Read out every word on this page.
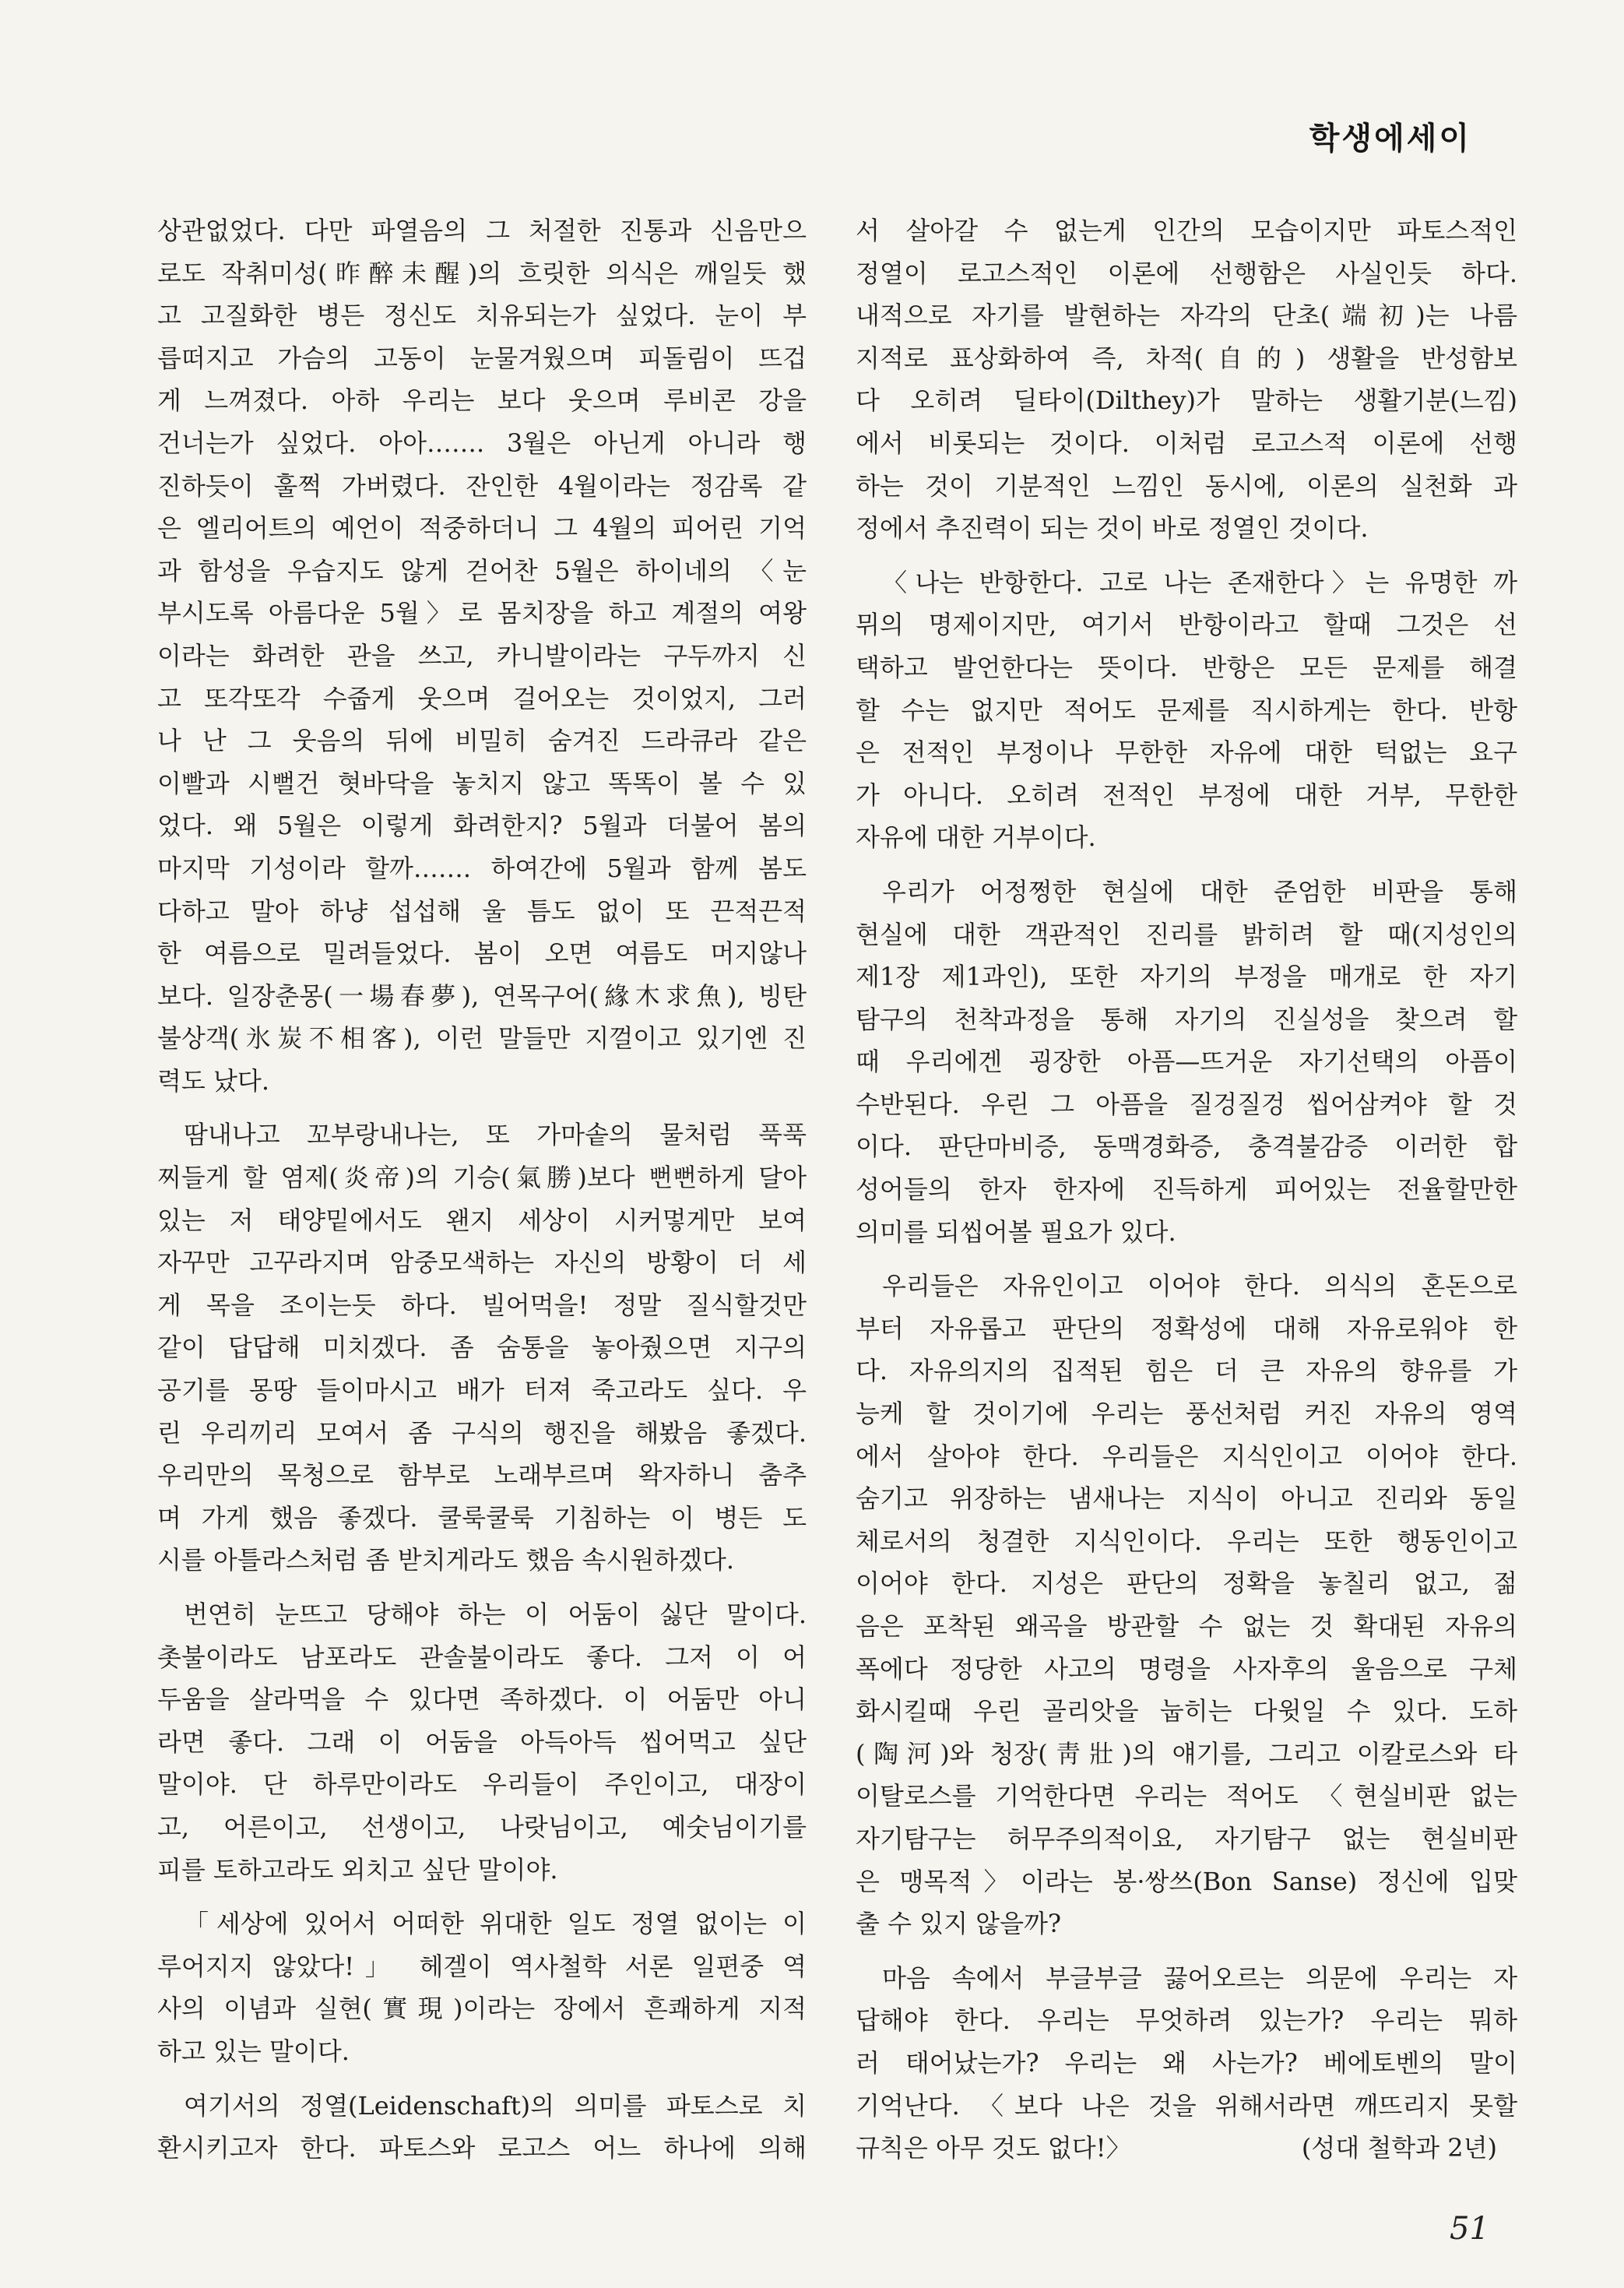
학생에세이
상관없었다. 다만 파열음의 그 처절한 진통과 신음만으
로도 작취미성(昨醉未醒)의 흐릿한 의식은 깨일듯 했
고 고질화한 병든 정신도 치유되는가 싶었다. 눈이 부
릅떠지고 가슴의 고동이 눈물겨웠으며 피돌림이 뜨겁
게 느껴졌다. 아하 우리는 보다 웃으며 루비콘 강을
건너는가 싶었다. 아아……. 3월은 아닌게 아니라 행
진하듯이 훌쩍 가버렸다. 잔인한 4월이라는 정감록 같
은 엘리어트의 예언이 적중하더니 그 4월의 피어린 기억
과 함성을 우습지도 않게 걷어찬 5월은 하이네의 〈눈
부시도록 아름다운 5월〉로 몸치장을 하고 계절의 여왕
이라는 화려한 관을 쓰고, 카니발이라는 구두까지 신
고 또각또각 수줍게 웃으며 걸어오는 것이었지, 그러
나 난 그 웃음의 뒤에 비밀히 숨겨진 드라큐라 같은
이빨과 시뻘건 혓바닥을 놓치지 않고 똑똑이 볼 수 있
었다. 왜 5월은 이렇게 화려한지? 5월과 더불어 봄의
마지막 기성이라 할까……. 하여간에 5월과 함께 봄도
다하고 말아 하냥 섭섭해 울 틈도 없이 또 끈적끈적
한 여름으로 밀려들었다. 봄이 오면 여름도 머지않나
보다. 일장춘몽(一場春夢), 연목구어(緣木求魚), 빙탄
불상객(氷炭不相客), 이런 말들만 지껄이고 있기엔 진
력도 났다.
땀내나고 꼬부랑내나는, 또 가마솥의 물처럼 푹푹
찌들게 할 염제(炎帝)의 기승(氣勝)보다 뻔뻔하게 달아
있는 저 태양밑에서도 왠지 세상이 시커멓게만 보여
자꾸만 고꾸라지며 암중모색하는 자신의 방황이 더 세
게 목을 조이는듯 하다. 빌어먹을! 정말 질식할것만
같이 답답해 미치겠다. 좀 숨통을 놓아줬으면 지구의
공기를 몽땅 들이마시고 배가 터져 죽고라도 싶다. 우
린 우리끼리 모여서 좀 구식의 행진을 해봤음 좋겠다.
우리만의 목청으로 함부로 노래부르며 왁자하니 춤추
며 가게 했음 좋겠다. 쿨룩쿨룩 기침하는 이 병든 도
시를 아틀라스처럼 좀 받치게라도 했음 속시원하겠다.
번연히 눈뜨고 당해야 하는 이 어둠이 싫단 말이다.
촛불이라도 남포라도 관솔불이라도 좋다. 그저 이 어
두움을 살라먹을 수 있다면 족하겠다. 이 어둠만 아니
라면 좋다. 그래 이 어둠을 아득아득 씹어먹고 싶단
말이야. 단 하루만이라도 우리들이 주인이고, 대장이
고, 어른이고, 선생이고, 나랏님이고, 예숫님이기를
피를 토하고라도 외치고 싶단 말이야.
「세상에 있어서 어떠한 위대한 일도 정열 없이는 이
루어지지 않았다!」 헤겔이 역사철학 서론 일편중 역
사의 이념과 실현(實現)이라는 장에서 흔쾌하게 지적
하고 있는 말이다.
여기서의 정열(Leidenschaft)의 의미를 파토스로 치
환시키고자 한다. 파토스와 로고스 어느 하나에 의해
서 살아갈 수 없는게 인간의 모습이지만 파토스적인
정열이 로고스적인 이론에 선행함은 사실인듯 하다.
내적으로 자기를 발현하는 자각의 단초(端初)는 나름
지적로 표상화하여 즉, 차적(自的) 생활을 반성함보
다 오히려 딜타이(Dilthey)가 말하는 생활기분(느낌)
에서 비롯되는 것이다. 이처럼 로고스적 이론에 선행
하는 것이 기분적인 느낌인 동시에, 이론의 실천화 과
정에서 추진력이 되는 것이 바로 정열인 것이다.
〈나는 반항한다. 고로 나는 존재한다〉는 유명한 까
뮈의 명제이지만, 여기서 반항이라고 할때 그것은 선
택하고 발언한다는 뜻이다. 반항은 모든 문제를 해결
할 수는 없지만 적어도 문제를 직시하게는 한다. 반항
은 전적인 부정이나 무한한 자유에 대한 턱없는 요구
가 아니다. 오히려 전적인 부정에 대한 거부, 무한한
자유에 대한 거부이다.
우리가 어정쩡한 현실에 대한 준엄한 비판을 통해
현실에 대한 객관적인 진리를 밝히려 할 때(지성인의
제1장 제1과인), 또한 자기의 부정을 매개로 한 자기
탐구의 천착과정을 통해 자기의 진실성을 찾으려 할
때 우리에겐 굉장한 아픔—뜨거운 자기선택의 아픔이
수반된다. 우린 그 아픔을 질겅질겅 씹어삼켜야 할 것
이다. 판단마비증, 동맥경화증, 충격불감증 이러한 합
성어들의 한자 한자에 진득하게 피어있는 전율할만한
의미를 되씹어볼 필요가 있다.
우리들은 자유인이고 이어야 한다. 의식의 혼돈으로
부터 자유롭고 판단의 정확성에 대해 자유로워야 한
다. 자유의지의 집적된 힘은 더 큰 자유의 향유를 가
능케 할 것이기에 우리는 풍선처럼 커진 자유의 영역
에서 살아야 한다. 우리들은 지식인이고 이어야 한다.
숨기고 위장하는 냄새나는 지식이 아니고 진리와 동일
체로서의 청결한 지식인이다. 우리는 또한 행동인이고
이어야 한다. 지성은 판단의 정확을 놓칠리 없고, 젊
음은 포착된 왜곡을 방관할 수 없는 것 확대된 자유의
폭에다 정당한 사고의 명령을 사자후의 울음으로 구체
화시킬때 우린 골리앗을 눕히는 다윗일 수 있다. 도하
(陶河)와 청장(靑壯)의 얘기를, 그리고 이칼로스와 타
이탈로스를 기억한다면 우리는 적어도 〈현실비판 없는
자기탐구는 허무주의적이요, 자기탐구 없는 현실비판
은 맹목적〉이라는 봉·쌍쓰(Bon Sanse) 정신에 입맞
출 수 있지 않을까?
마음 속에서 부글부글 끓어오르는 의문에 우리는 자
답해야 한다. 우리는 무엇하려 있는가? 우리는 뭐하
러 태어났는가? 우리는 왜 사는가? 베에토벤의 말이
기억난다. 〈보다 나은 것을 위해서라면 깨뜨리지 못할
규칙은 아무 것도 없다!〉	(성대 철학과 2년)
51
